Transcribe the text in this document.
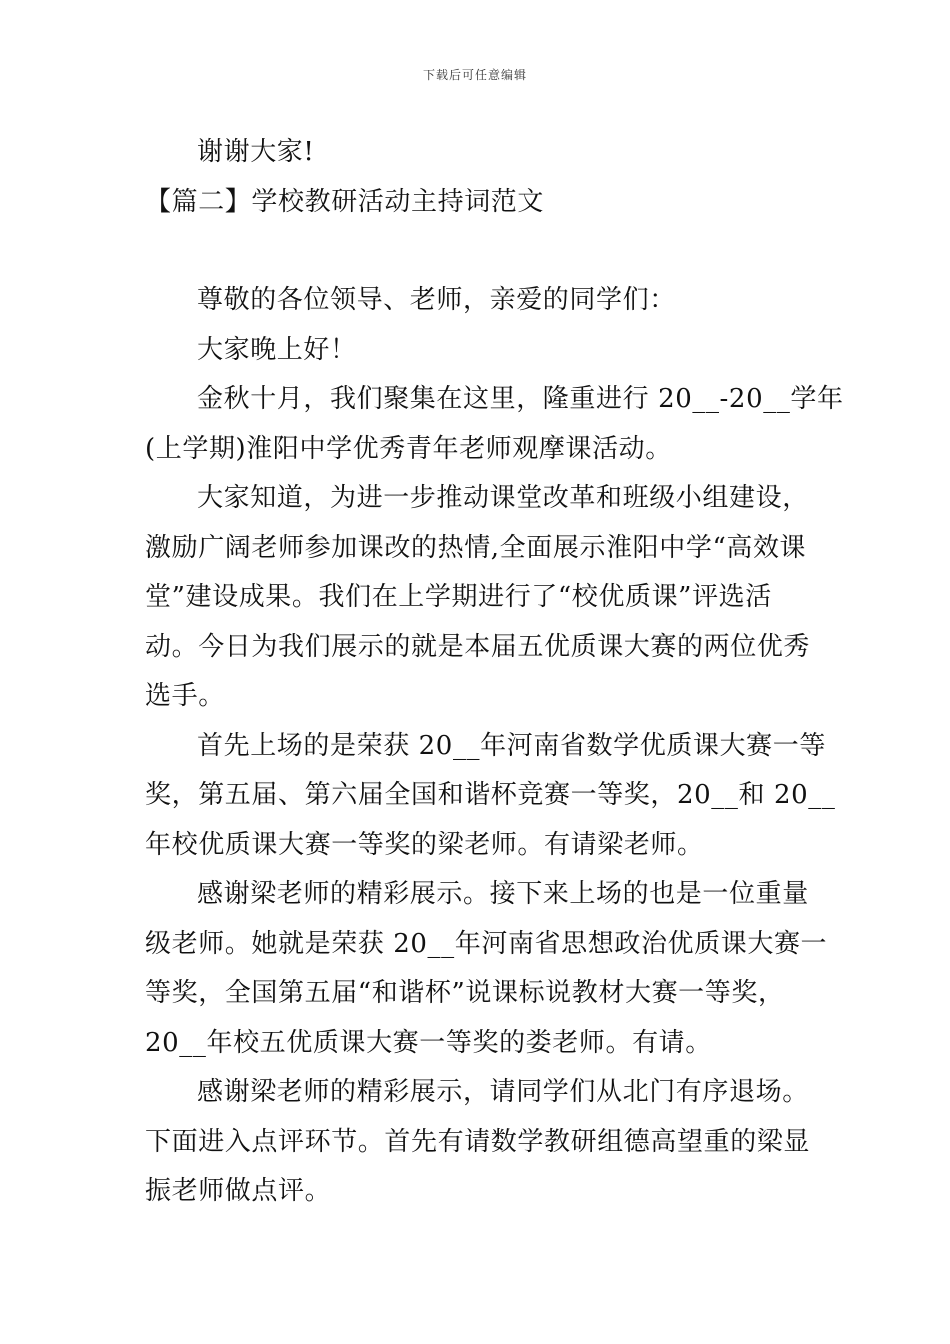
下载后可任意编辑
谢谢大家!
【篇二】学校教研活动主持词范文
尊敬的各位领导、老师，亲爱的同学们：
大家晚上好！
金秋十月，我们聚集在这里，隆重进行 20__-20__学年
(上学期)淮阳中学优秀青年老师观摩课活动。
大家知道，为进一步推动课堂改革和班级小组建设，
激励广阔老师参加课改的热情,全面展示淮阳中学“高效课
堂”建设成果。我们在上学期进行了“校优质课”评选活
动。今日为我们展示的就是本届五优质课大赛的两位优秀
选手。
首先上场的是荣获 20__年河南省数学优质课大赛一等
奖，第五届、第六届全国和谐杯竞赛一等奖，20__和 20__
年校优质课大赛一等奖的梁老师。有请梁老师。
感谢梁老师的精彩展示。接下来上场的也是一位重量
级老师。她就是荣获 20__年河南省思想政治优质课大赛一
等奖，全国第五届“和谐杯”说课标说教材大赛一等奖，
20__年校五优质课大赛一等奖的娄老师。有请。
感谢梁老师的精彩展示，请同学们从北门有序退场。
下面进入点评环节。首先有请数学教研组德高望重的梁显
振老师做点评。
